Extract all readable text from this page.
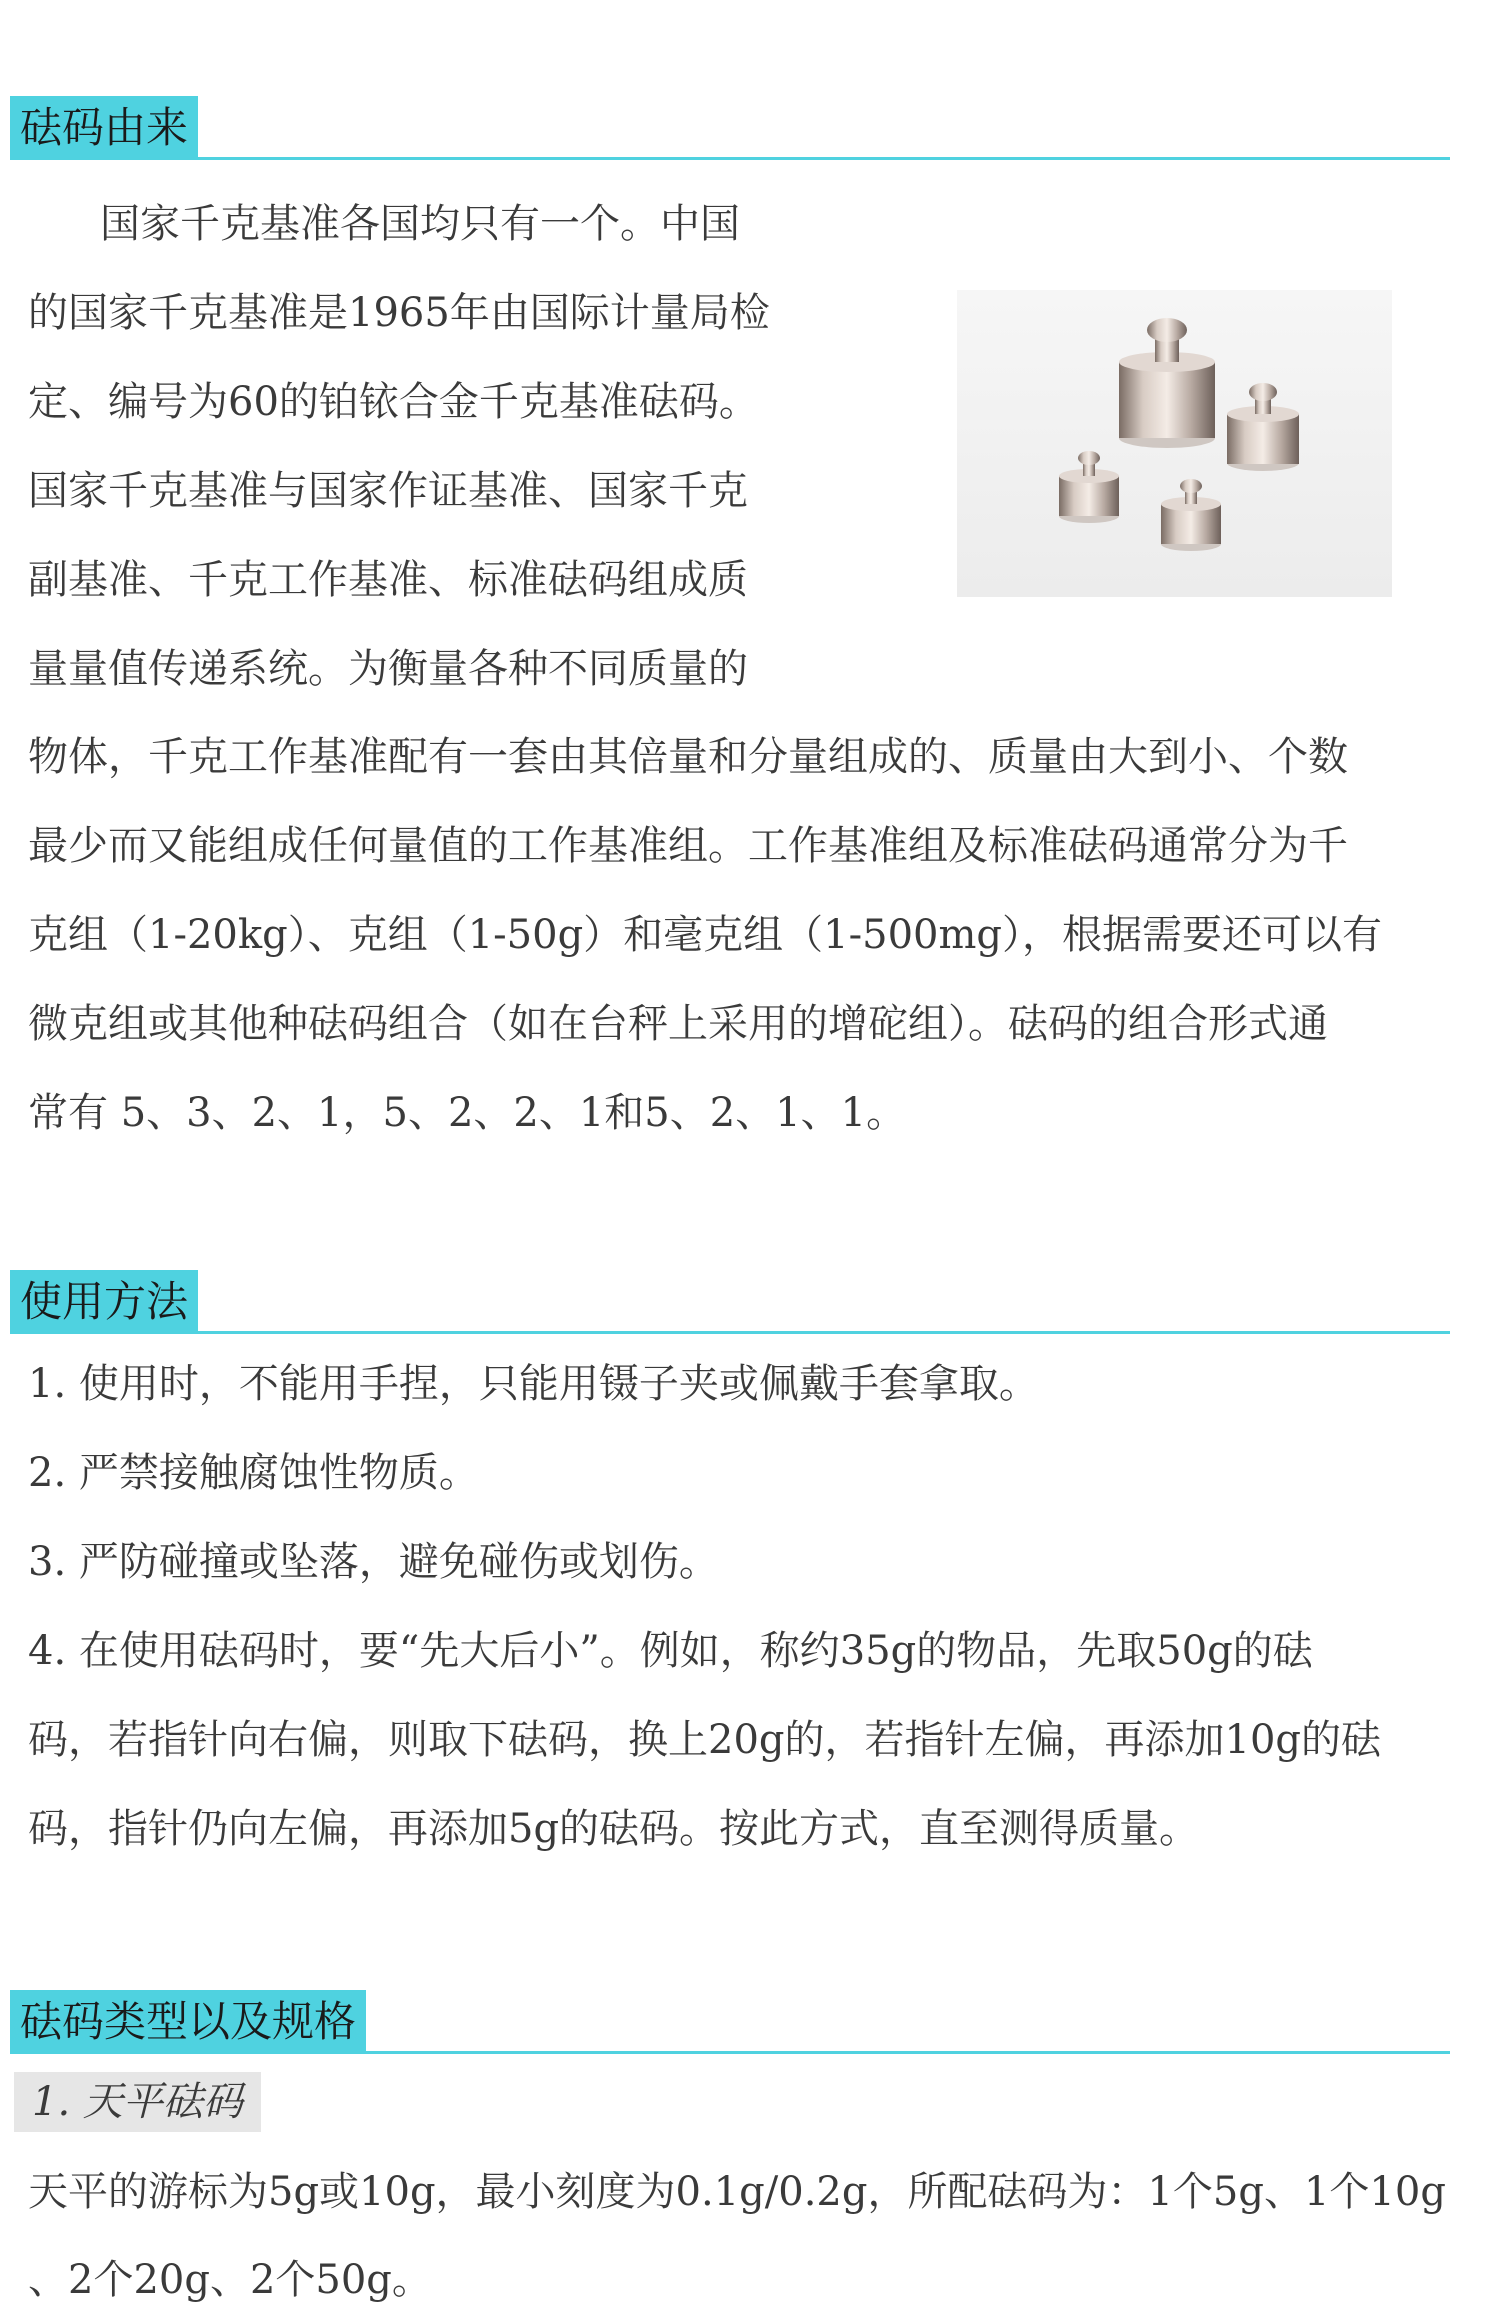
砝码由来

国家千克基准各国均只有一个。中国
的国家千克基准是1965年由国际计量局检
定、编号为60的铂铱合金千克基准砝码。
国家千克基准与国家作证基准、国家千克
副基准、千克工作基准、标准砝码组成质
量量值传递系统。为衡量各种不同质量的

物体，千克工作基准配有一套由其倍量和分量组成的、质量由大到小、个数
最少而又能组成任何量值的工作基准组。工作基准组及标准砝码通常分为千
克组（1-20kg）、克组（1-50g）和毫克组（1-500mg），根据需要还可以有
微克组或其他种砝码组合（如在台秤上采用的增砣组）。砝码的组合形式通
常有 5、3、2、1，5、2、2、1和5、2、1、1。

使用方法

1. 使用时，不能用手捏，只能用镊子夹或佩戴手套拿取。
2. 严禁接触腐蚀性物质。
3. 严防碰撞或坠落，避免碰伤或划伤。
4. 在使用砝码时，要“先大后小”。例如，称约35g的物品，先取50g的砝
码，若指针向右偏，则取下砝码，换上20g的，若指针左偏，再添加10g的砝
码，指针仍向左偏，再添加5g的砝码。按此方式，直至测得质量。

砝码类型以及规格
1. 天平砝码

天平的游标为5g或10g，最小刻度为0.1g/0.2g，所配砝码为：1个5g、1个10g
、2个20g、2个50g。
